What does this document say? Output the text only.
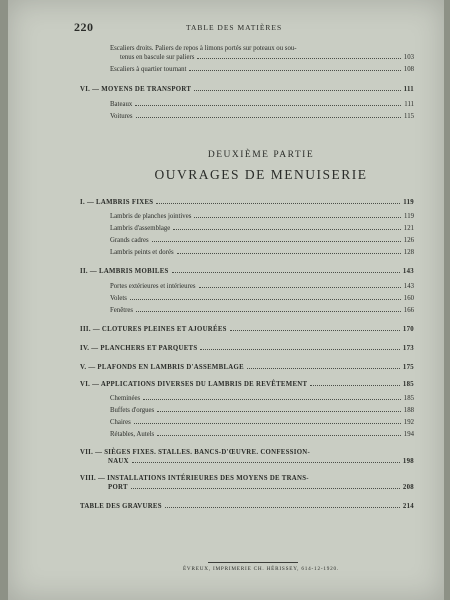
220	TABLE DES MATIÈRES
Escaliers droits. Paliers de repos à limons portés sur poteaux ou sou-
tenus en bascule sur paliers	103
Escaliers à quartier tournant	108
VI. — MOYENS DE TRANSPORT	111
Bateaux	111
Voitures	115
DEUXIÈME PARTIE
OUVRAGES DE MENUISERIE
I. — LAMBRIS FIXES	119
Lambris de planches jointives	119
Lambris d'assemblage	121
Grands cadres	126
Lambris peints et dorés	128
II. — LAMBRIS MOBILES	143
Portes extérieures et intérieures	143
Volets	160
Fenêtres	166
III. — CLOTURES PLEINES ET AJOURÉES	170
IV. — PLANCHERS ET PARQUETS	173
V. — PLAFONDS EN LAMBRIS D'ASSEMBLAGE	175
VI. — APPLICATIONS DIVERSES DU LAMBRIS DE REVÊTEMENT	185
Cheminées	185
Buffets d'orgues	188
Chaires	192
Rétables, Autels	194
VII. — SIÈGES FIXES. STALLES. BANCS-D'ŒUVRE. CONFESSION-
NAUX	198
VIII. — INSTALLATIONS INTÉRIEURES DES MOYENS DE TRANS-
PORT	208
TABLE DES GRAVURES	214
ÉVREUX, IMPRIMERIE CH. HÉRISSEY, 614-12-1920.
